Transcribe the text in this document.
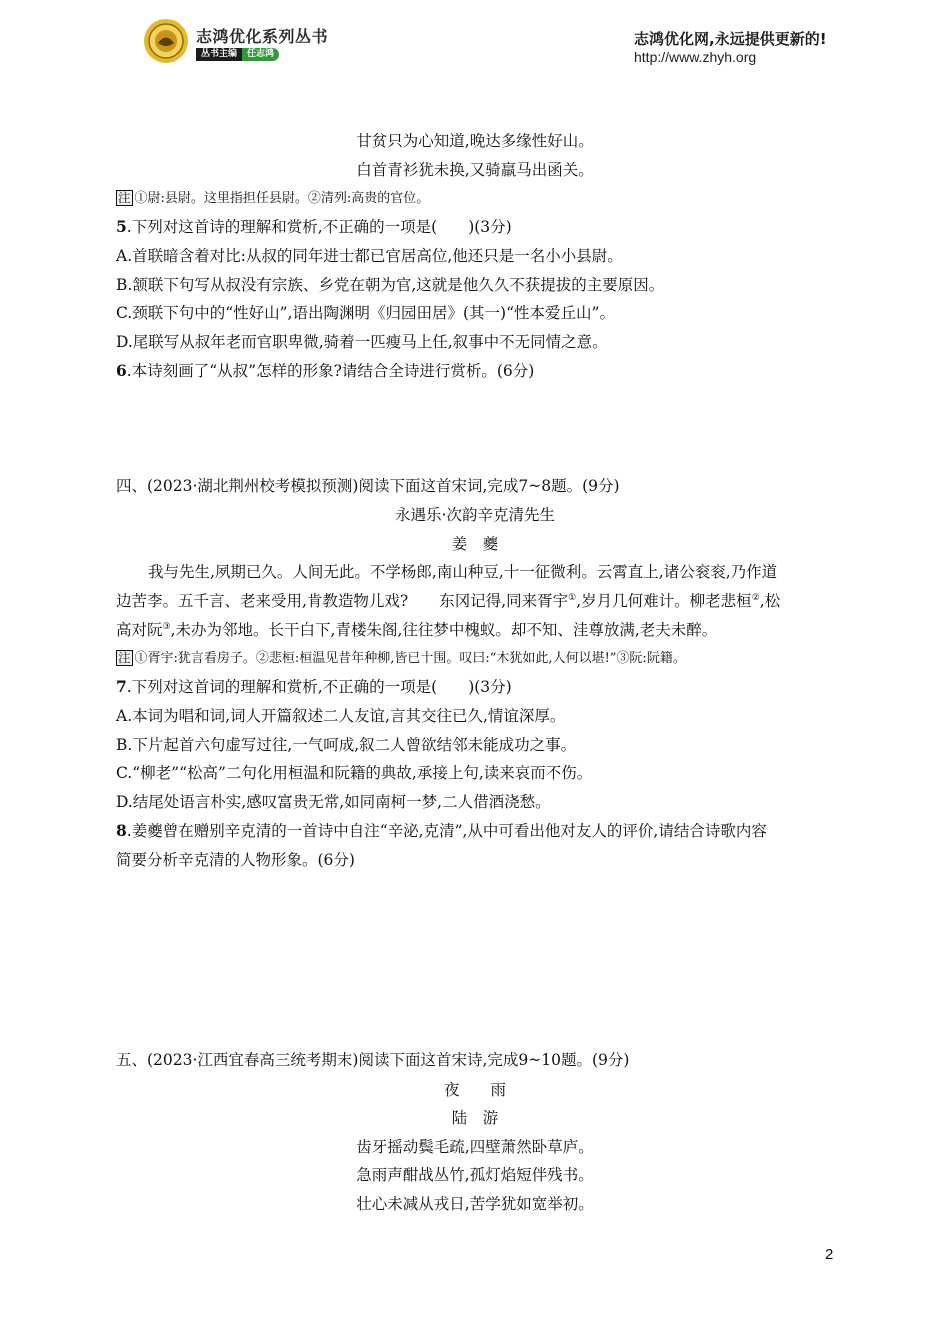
志鸿优化系列丛书
丛书主编	任志鸿
志鸿优化网,永远提供更新的!
http://www.zhyh.org
甘贫只为心知道,晚达多缘性好山。
白首青衫犹未换,又骑羸马出函关。
注 ①尉:县尉。这里指担任县尉。②清列:高贵的官位。
5.下列对这首诗的理解和赏析,不正确的一项是(　　)(3分)
A.首联暗含着对比:从叔的同年进士都已官居高位,他还只是一名小小县尉。
B.颔联下句写从叔没有宗族、乡党在朝为官,这就是他久久不获提拔的主要原因。
C.颈联下句中的“性好山”,语出陶渊明《归园田居》(其一)“性本爱丘山”。
D.尾联写从叔年老而官职卑微,骑着一匹瘦马上任,叙事中不无同情之意。
6.本诗刻画了“从叔”怎样的形象?请结合全诗进行赏析。(6分)
四、(2023·湖北荆州校考模拟预测)阅读下面这首宋词,完成7~8题。(9分)
永遇乐·次韵辛克清先生
姜　夔
我与先生,夙期已久。人间无此。不学杨郎,南山种豆,十一征微利。云霄直上,诸公衮衮,乃作道
边苦李。五千言、老来受用,肯教造物儿戏?　　东冈记得,同来胥宇①,岁月几何难计。柳老悲桓②,松
高对阮③,未办为邻地。长干白下,青楼朱阁,往往梦中槐蚁。却不知、洼尊放满,老夫未醉。
注 ①胥宇:犹言看房子。②悲桓:桓温见昔年种柳,皆已十围。叹曰:“木犹如此,人何以堪!”③阮:阮籍。
7.下列对这首词的理解和赏析,不正确的一项是(　　)(3分)
A.本词为唱和词,词人开篇叙述二人友谊,言其交往已久,情谊深厚。
B.下片起首六句虚写过往,一气呵成,叙二人曾欲结邻未能成功之事。
C.“柳老”“松高”二句化用桓温和阮籍的典故,承接上句,读来哀而不伤。
D.结尾处语言朴实,感叹富贵无常,如同南柯一梦,二人借酒浇愁。
8.姜夔曾在赠别辛克清的一首诗中自注“辛泌,克清”,从中可看出他对友人的评价,请结合诗歌内容
简要分析辛克清的人物形象。(6分)
五、(2023·江西宜春高三统考期末)阅读下面这首宋诗,完成9~10题。(9分)
夜　　雨
陆　游
齿牙摇动鬓毛疏,四壁萧然卧草庐。
急雨声酣战丛竹,孤灯焰短伴残书。
壮心未减从戎日,苦学犹如宽举初。
2
